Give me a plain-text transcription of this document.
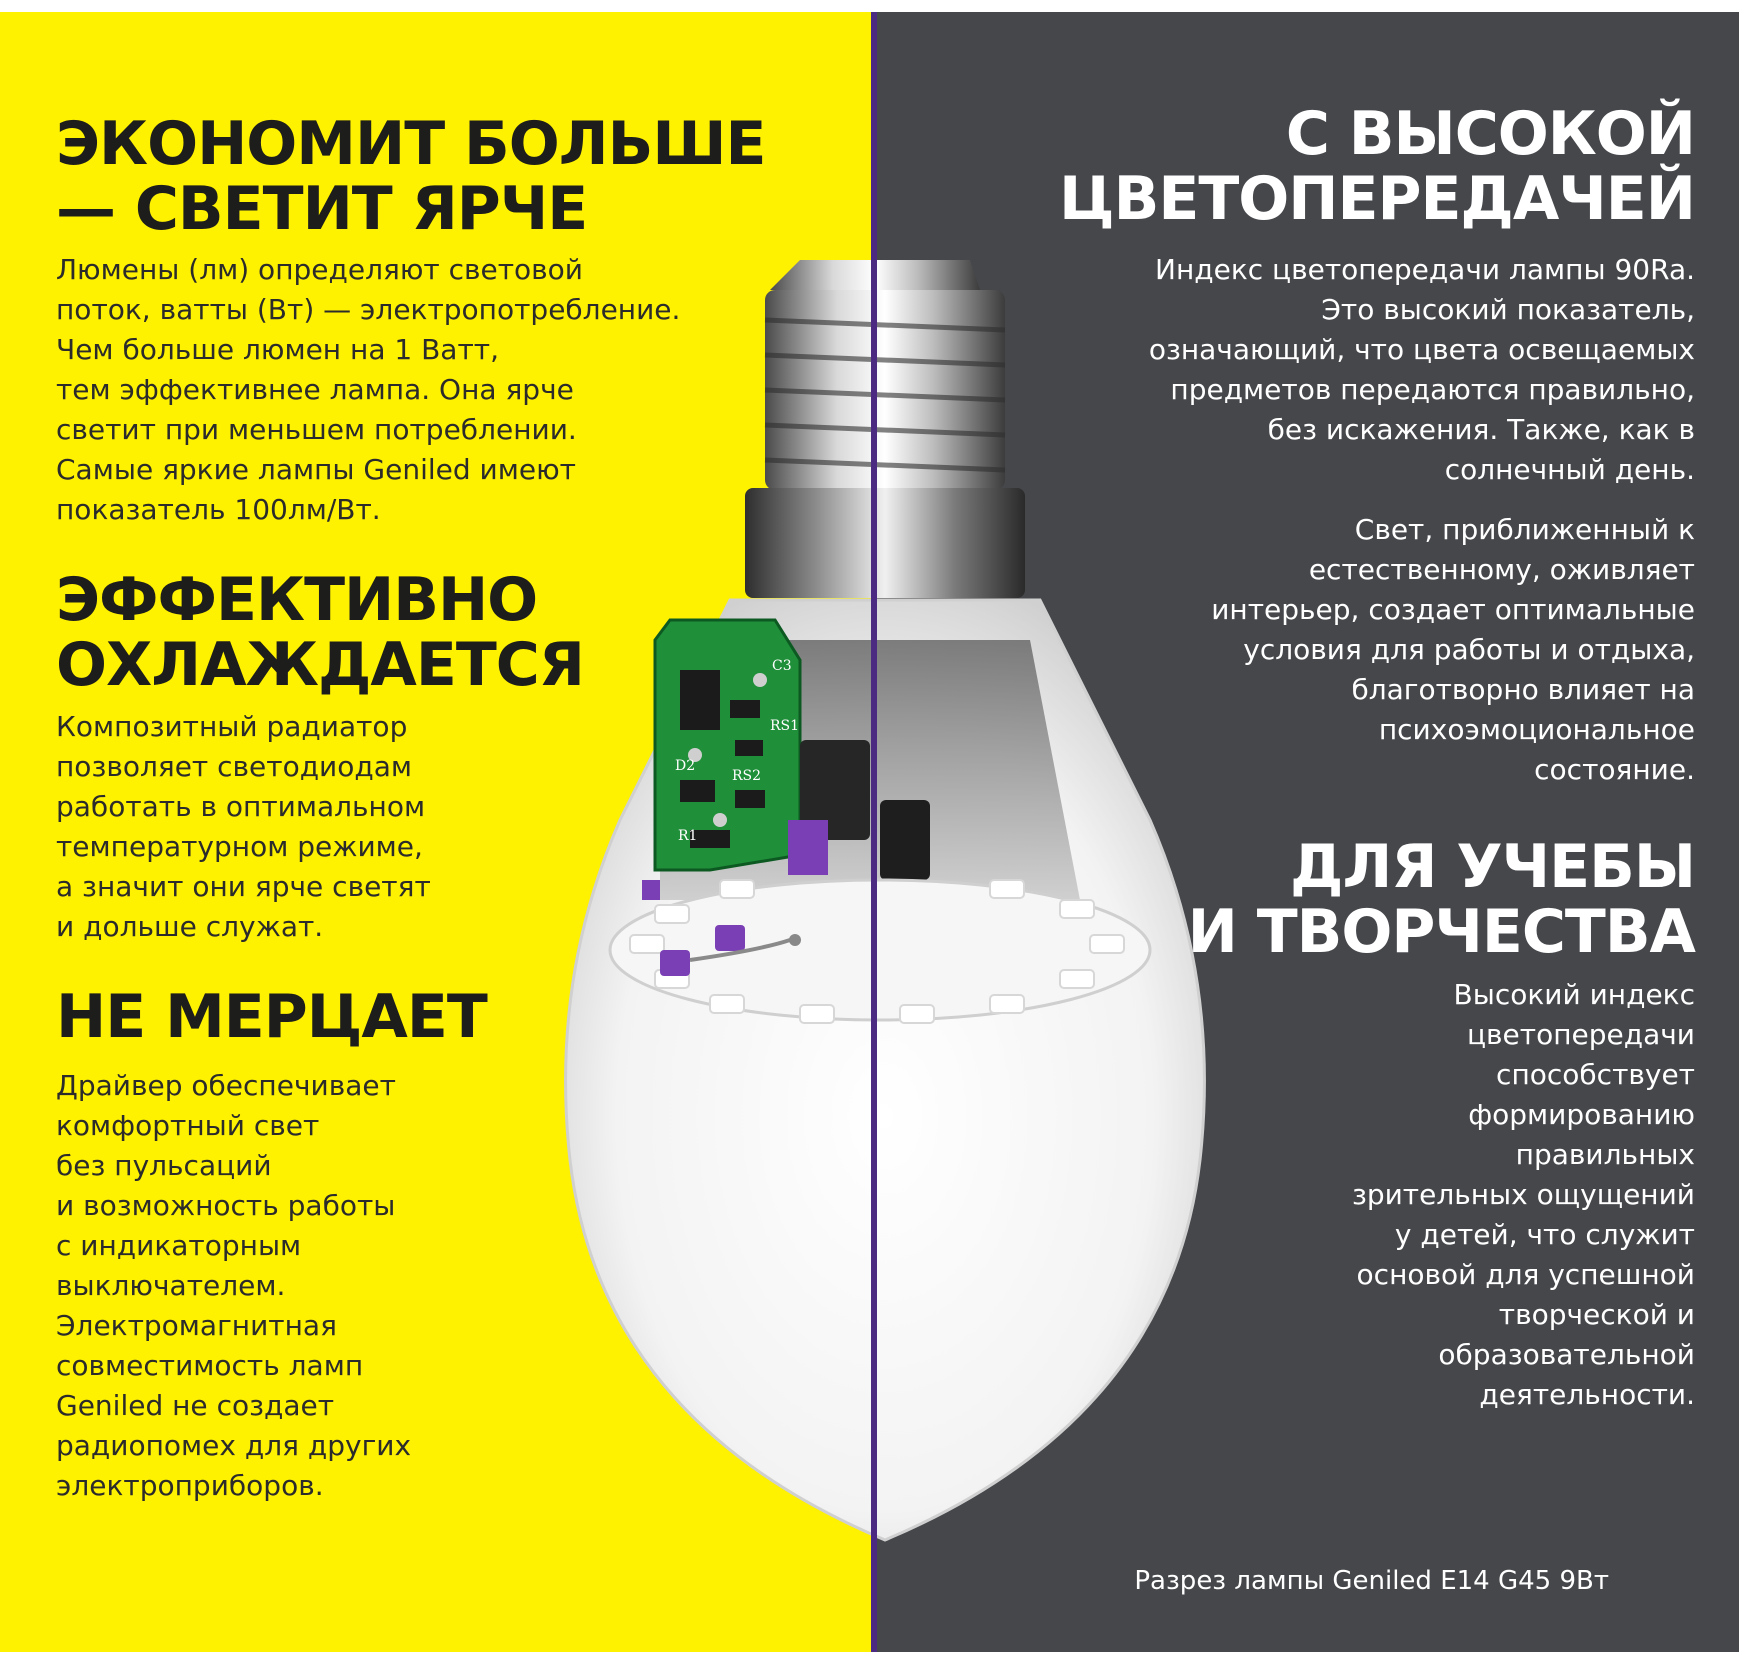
C3
RS1
D2
RS2
R1
ЭКОНОМИТ БОЛЬШЕ
— СВЕТИТ ЯРЧЕ

Люмены (лм) определяют световой
поток, ватты (Вт) — электропотребление.
Чем больше люмен на 1 Ватт,
тем эффективнее лампа. Она ярче
светит при меньшем потреблении.
Самые яркие лампы Geniled имеют
показатель 100лм/Вт.

ЭФФЕКТИВНО
ОХЛАЖДАЕТСЯ

Композитный радиатор
позволяет светодиодам
работать в оптимальном
температурном режиме,
а значит они ярче светят
и дольше служат.

НЕ МЕРЦАЕТ

Драйвер обеспечивает
комфортный свет
без пульсаций
и возможность работы
с индикаторным
выключателем.
Электромагнитная
совместимость ламп
Geniled не создает
радиопомех для других
электроприборов.

С ВЫСОКОЙ
ЦВЕТОПЕРЕДАЧЕЙ

Индекс цветопередачи лампы 90Ra.
Это высокий показатель,
означающий, что цвета освещаемых
предметов передаются правильно,
без искажения. Также, как в
солнечный день.

Свет, приближенный к
естественному, оживляет
интерьер, создает оптимальные
условия для работы и отдыха,
благотворно влияет на
психоэмоциональное
состояние.

ДЛЯ УЧЕБЫ
И ТВОРЧЕСТВА

Высокий индекс
цветопередачи
способствует
формированию
правильных
зрительных ощущений
у детей, что служит
основой для успешной
творческой и
образовательной
деятельности.

Разрез лампы Geniled E14 G45 9Вт
